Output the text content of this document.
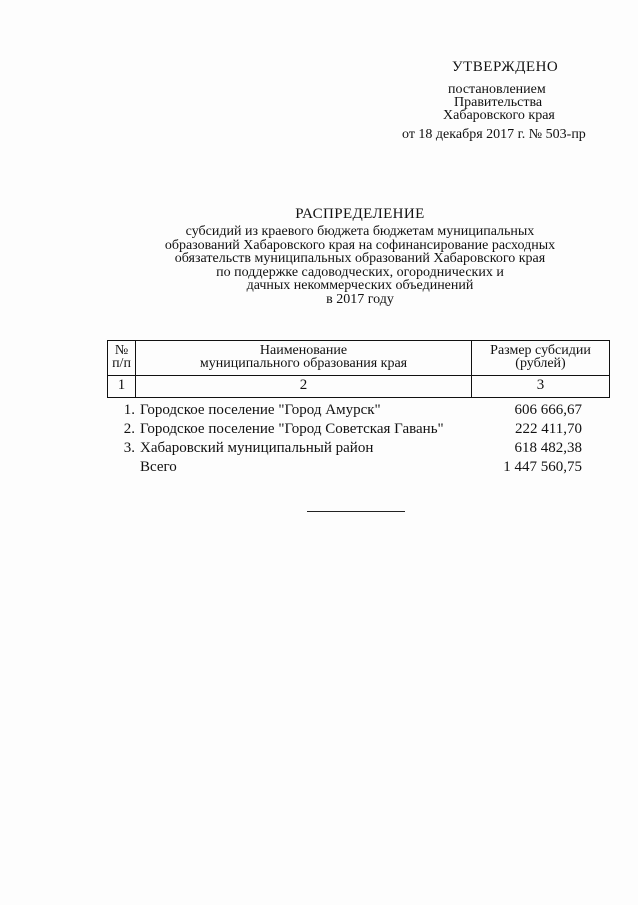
УТВЕРЖДЕНО
постановлением
Правительства
Хабаровского края
от 18 декабря 2017 г. № 503-пр
РАСПРЕДЕЛЕНИЕ
субсидий из краевого бюджета бюджетам муниципальных
образований Хабаровского края на софинансирование расходных
обязательств муниципальных образований Хабаровского края
по поддержке садоводческих, огороднических и
дачных некоммерческих объединений
в 2017 году
№
п/п
Наименование
муниципального образования края
Размер субсидии
(рублей)
1	2	3
1. Городское поселение "Город Амурск"	606 666,67
2. Городское поселение "Город Советская Гавань"	222 411,70
3. Хабаровский муниципальный район	618 482,38
Всего	1 447 560,75
